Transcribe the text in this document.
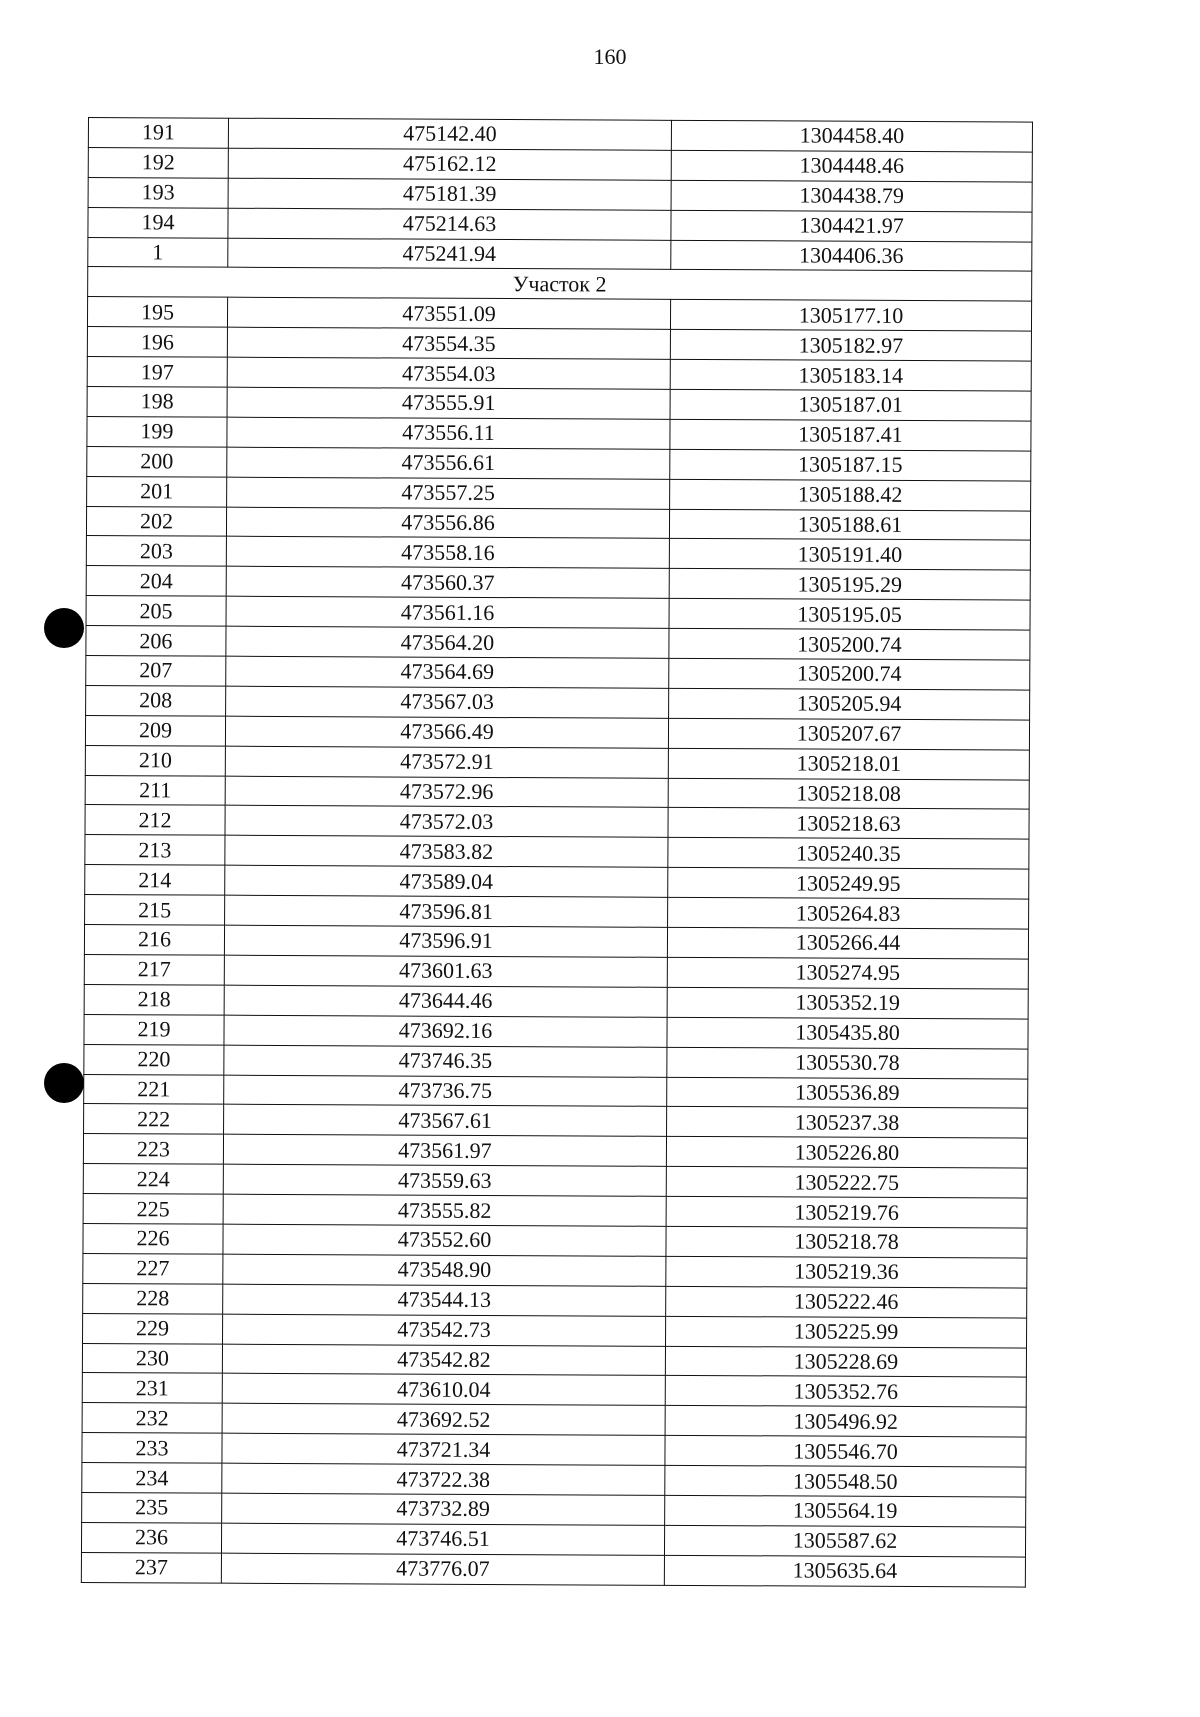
160
191	475142.40	1304458.40
192	475162.12	1304448.46
193	475181.39	1304438.79
194	475214.63	1304421.97
1	475241.94	1304406.36
Участок 2		
195	473551.09	1305177.10
196	473554.35	1305182.97
197	473554.03	1305183.14
198	473555.91	1305187.01
199	473556.11	1305187.41
200	473556.61	1305187.15
201	473557.25	1305188.42
202	473556.86	1305188.61
203	473558.16	1305191.40
204	473560.37	1305195.29
205	473561.16	1305195.05
206	473564.20	1305200.74
207	473564.69	1305200.74
208	473567.03	1305205.94
209	473566.49	1305207.67
210	473572.91	1305218.01
211	473572.96	1305218.08
212	473572.03	1305218.63
213	473583.82	1305240.35
214	473589.04	1305249.95
215	473596.81	1305264.83
216	473596.91	1305266.44
217	473601.63	1305274.95
218	473644.46	1305352.19
219	473692.16	1305435.80
220	473746.35	1305530.78
221	473736.75	1305536.89
222	473567.61	1305237.38
223	473561.97	1305226.80
224	473559.63	1305222.75
225	473555.82	1305219.76
226	473552.60	1305218.78
227	473548.90	1305219.36
228	473544.13	1305222.46
229	473542.73	1305225.99
230	473542.82	1305228.69
231	473610.04	1305352.76
232	473692.52	1305496.92
233	473721.34	1305546.70
234	473722.38	1305548.50
235	473732.89	1305564.19
236	473746.51	1305587.62
237	473776.07	1305635.64
